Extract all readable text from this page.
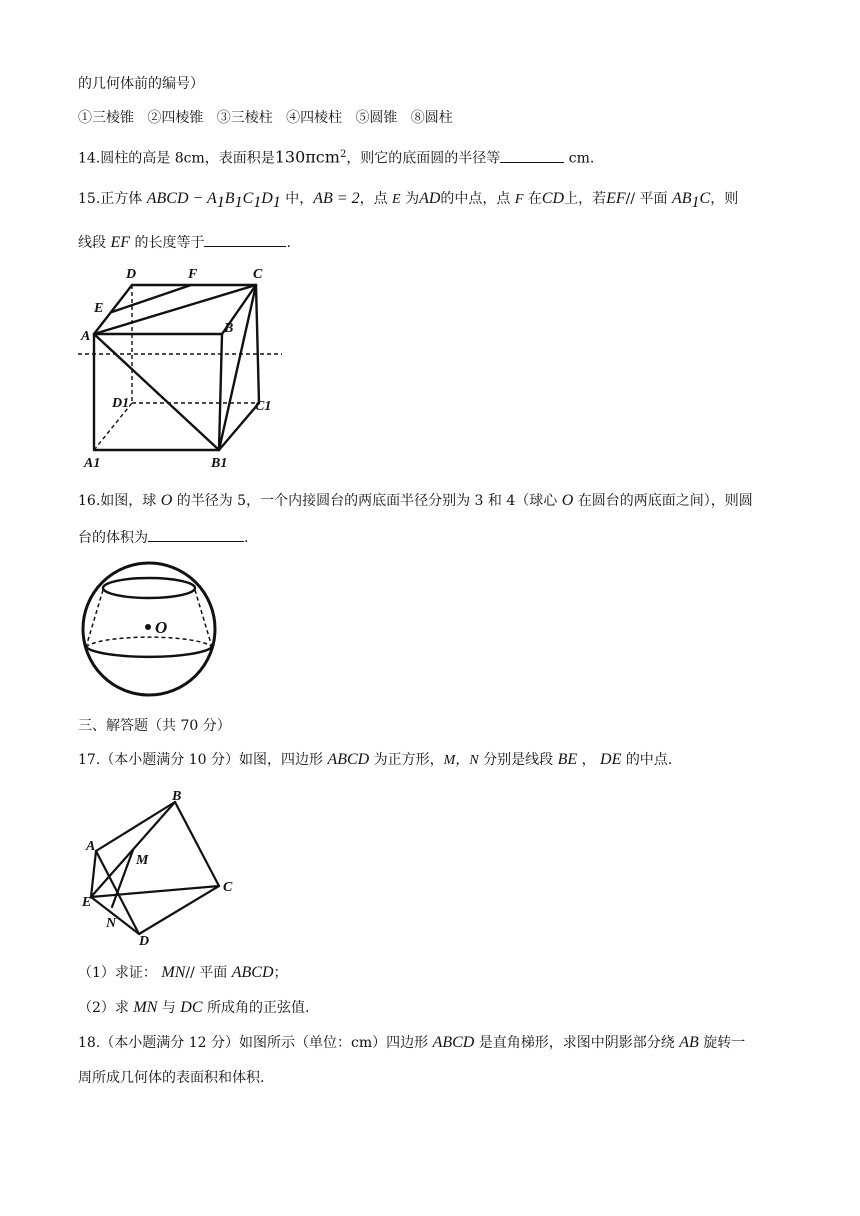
的几何体前的编号）
①三棱锥 ②四棱锥 ③三棱柱 ④四棱柱 ⑤圆锥 ⑧圆柱
14.圆柱的高是 8cm，表面积是130πcm$^2$，则它的底面圆的半径等	cm.
15.正方体 ABCD − $A_1B_1C_1D_1$ 中，AB = 2，点 E 为AD的中点，点 F 在CD上，若EF// 平面 $AB_1C$，则
线段 EF 的长度等于	.
D	F	C
E
A
B
D1	C1
A1	B1
16.如图，球 O 的半径为 5，一个内接圆台的两底面半径分别为 3 和 4（球心 O 在圆台的两底面之间），则圆
台的体积为	.
O
三、解答题（共 70 分）
17.（本小题满分 10 分）如图，四边形 ABCD 为正方形，M，N 分别是线段 BE ， DE 的中点.
B
A
M
C
E
N
D
（1）求证： MN// 平面 ABCD；
（2）求 MN 与 DC 所成角的正弦值.
18.（本小题满分 12 分）如图所示（单位：cm）四边形 ABCD 是直角梯形，求图中阴影部分绕 AB 旋转一
周所成几何体的表面积和体积.
